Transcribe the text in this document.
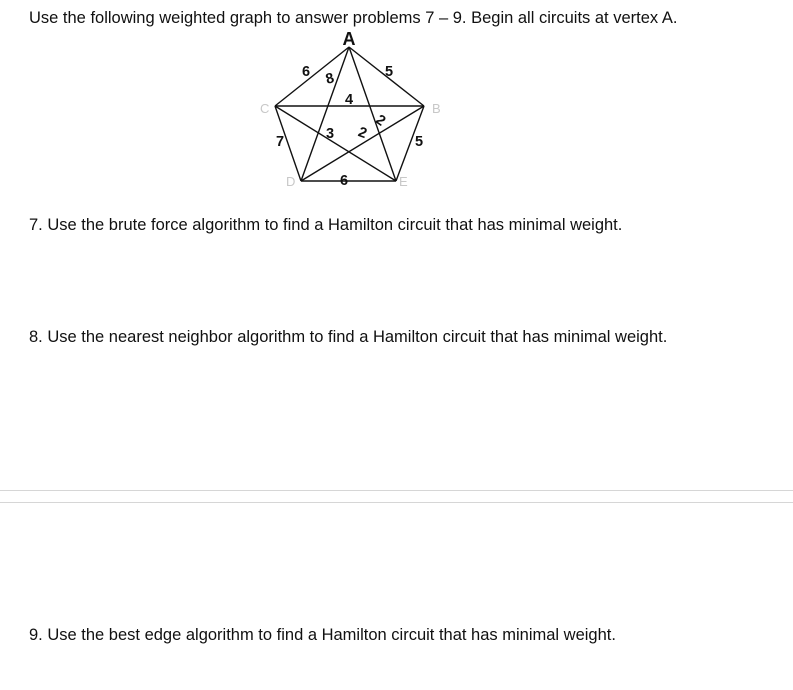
Use the following weighted graph to answer problems 7 – 9. Begin all circuits at vertex A.

A
B
C
D	E
5
6 8
2
4
2	5
7	3
6

7. Use the brute force algorithm to find a Hamilton circuit that has minimal weight.

8. Use the nearest neighbor algorithm to find a Hamilton circuit that has minimal weight.

9. Use the best edge algorithm to find a Hamilton circuit that has minimal weight.
